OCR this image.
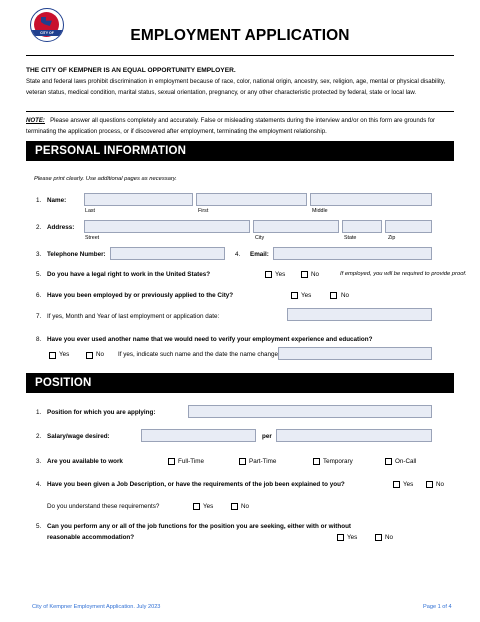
CITY OF KEMPNER	EMPLOYMENT APPLICATION
THE CITY OF KEMPNER IS AN EQUAL OPPORTUNITY EMPLOYER.
State and federal laws prohibit discrimination in employment because of race, color, national origin, ancestry, sex, religion, age, mental or physical disability, veteran status, medical condition, marital status, sexual orientation, pregnancy, or any other characteristic protected by federal, state or local law.
NOTE: Please answer all questions completely and accurately. False or misleading statements during the interview and/or on this form are grounds for terminating the application process, or if discovered after employment, terminating the employment relationship.
PERSONAL INFORMATION
Please print clearly. Use additional pages as necessary.
1. Name:
Last	First	Middle
2. Address:
Street	City	State	Zip
3. Telephone Number:	4. Email:
5. Do you have a legal right to work in the United States?	Yes	No	If employed, you will be required to provide proof.
6. Have you been employed by or previously applied to the City?	Yes	No
7. If yes, Month and Year of last employment or application date:
8. Have you ever used another name that we would need to verify your employment experience and education?
Yes	No If yes, indicate such name and the date the name change
POSITION
1. Position for which you are applying:
2. Salary/wage desired:	per
3. Are you available to work	Full-Time	Part-Time	Temporary	On-Call
4. Have you been given a Job Description, or have the requirements of the job been explained to you?	Yes	No
Do you understand these requirements?	Yes	No
5. Can you perform any or all of the job functions for the position you are seeking, either with or without
reasonable accommodation?	Yes	No
City of Kempner Employment Application. July 2023	Page 1 of 4
